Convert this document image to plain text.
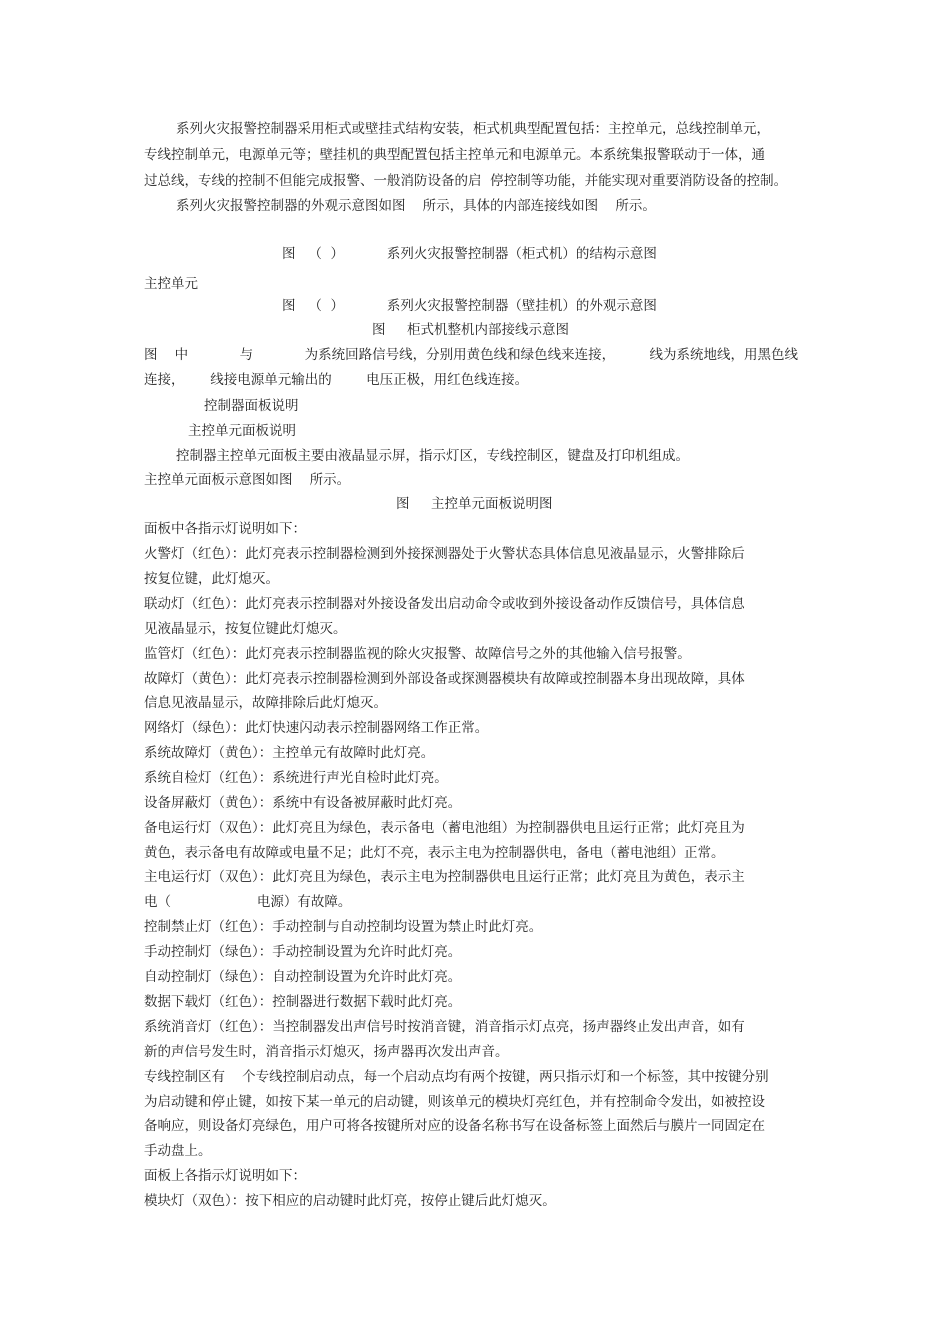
系列火灾报警控制器采用柜式或壁挂式结构安装，柜式机典型配置包括：主控单元，总线控制单元，
专线控制单元，电源单元等；壁挂机的典型配置包括主控单元和电源单元。本系统集报警联动于一体，通
过总线，专线的控制不但能完成报警、一般消防设备的启  停控制等功能，并能实现对重要消防设备的控制。
系列火灾报警控制器的外观示意图如图    所示，具体的内部连接线如图    所示。
图   （  ）          系列火灾报警控制器（柜式机）的结构示意图
主控单元
图   （  ）          系列火灾报警控制器（壁挂机）的外观示意图
图     柜式机整机内部接线示意图
图    中            与            为系统回路信号线，分别用黄色线和绿色线来连接，        线为系统地线，用黑色线
连接，      线接电源单元输出的        电压正极，用红色线连接。
控制器面板说明
主控单元面板说明
控制器主控单元面板主要由液晶显示屏，指示灯区，专线控制区，键盘及打印机组成。
主控单元面板示意图如图    所示。
图     主控单元面板说明图
面板中各指示灯说明如下：
火警灯（红色）：此灯亮表示控制器检测到外接探测器处于火警状态具体信息见液晶显示，火警排除后
按复位键，此灯熄灭。
联动灯（红色）：此灯亮表示控制器对外接设备发出启动命令或收到外接设备动作反馈信号，具体信息
见液晶显示，按复位键此灯熄灭。
监管灯（红色）：此灯亮表示控制器监视的除火灾报警、故障信号之外的其他输入信号报警。
故障灯（黄色）：此灯亮表示控制器检测到外部设备或探测器模块有故障或控制器本身出现故障，具体
信息见液晶显示，故障排除后此灯熄灭。
网络灯（绿色）：此灯快速闪动表示控制器网络工作正常。
系统故障灯（黄色）：主控单元有故障时此灯亮。
系统自检灯（红色）：系统进行声光自检时此灯亮。
设备屏蔽灯（黄色）：系统中有设备被屏蔽时此灯亮。
备电运行灯（双色）：此灯亮且为绿色，表示备电（蓄电池组）为控制器供电且运行正常；此灯亮且为
黄色，表示备电有故障或电量不足；此灯不亮，表示主电为控制器供电，备电（蓄电池组）正常。
主电运行灯（双色）：此灯亮且为绿色，表示主电为控制器供电且运行正常；此灯亮且为黄色，表示主
电（                    电源）有故障。
控制禁止灯（红色）：手动控制与自动控制均设置为禁止时此灯亮。
手动控制灯（绿色）：手动控制设置为允许时此灯亮。
自动控制灯（绿色）：自动控制设置为允许时此灯亮。
数据下载灯（红色）：控制器进行数据下载时此灯亮。
系统消音灯（红色）：当控制器发出声信号时按消音键，消音指示灯点亮，扬声器终止发出声音，如有
新的声信号发生时，消音指示灯熄灭，扬声器再次发出声音。
专线控制区有    个专线控制启动点，每一个启动点均有两个按键，两只指示灯和一个标签，其中按键分别
为启动键和停止键，如按下某一单元的启动键，则该单元的模块灯亮红色，并有控制命令发出，如被控设
备响应，则设备灯亮绿色，用户可将各按键所对应的设备名称书写在设备标签上面然后与膜片一同固定在
手动盘上。
面板上各指示灯说明如下：
模块灯（双色）：按下相应的启动键时此灯亮，按停止键后此灯熄灭。
